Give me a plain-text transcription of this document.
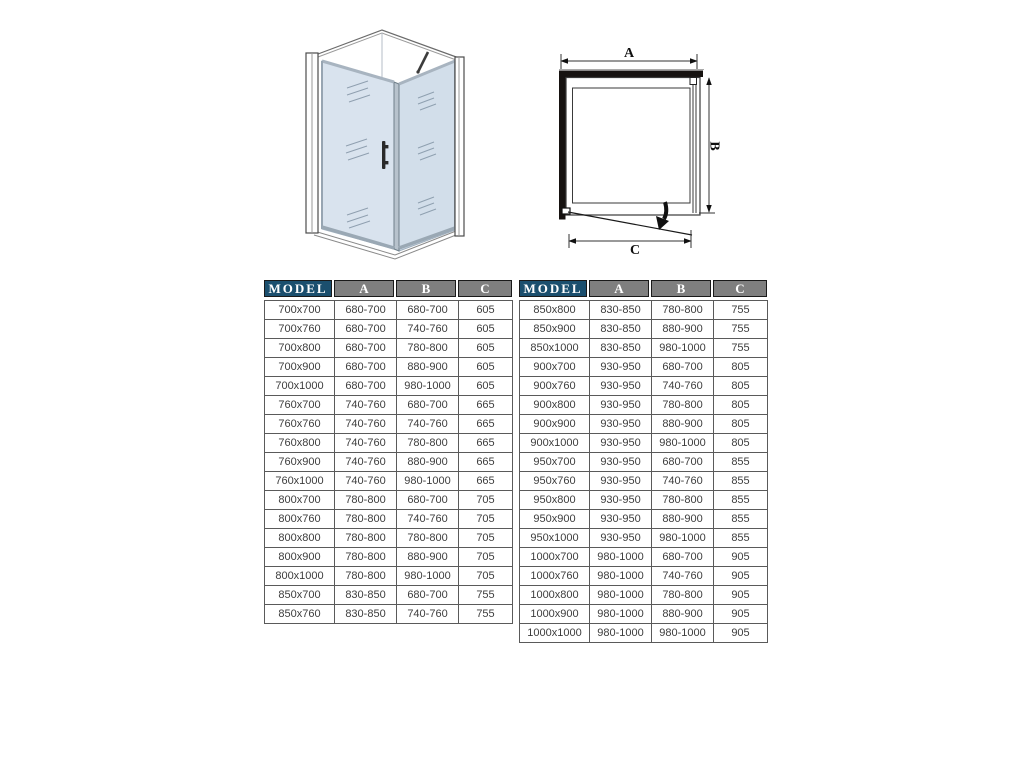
A
B
C
MODEL	A	B	C
700x700	680-700	680-700	605
700x760	680-700	740-760	605
700x800	680-700	780-800	605
700x900	680-700	880-900	605
700x1000	680-700	980-1000	605
760x700	740-760	680-700	665
760x760	740-760	740-760	665
760x800	740-760	780-800	665
760x900	740-760	880-900	665
760x1000	740-760	980-1000	665
800x700	780-800	680-700	705
800x760	780-800	740-760	705
800x800	780-800	780-800	705
800x900	780-800	880-900	705
800x1000	780-800	980-1000	705
850x700	830-850	680-700	755
850x760	830-850	740-760	755
MODEL	A	B	C
850x800	830-850	780-800	755
850x900	830-850	880-900	755
850x1000	830-850	980-1000	755
900x700	930-950	680-700	805
900x760	930-950	740-760	805
900x800	930-950	780-800	805
900x900	930-950	880-900	805
900x1000	930-950	980-1000	805
950x700	930-950	680-700	855
950x760	930-950	740-760	855
950x800	930-950	780-800	855
950x900	930-950	880-900	855
950x1000	930-950	980-1000	855
1000x700	980-1000	680-700	905
1000x760	980-1000	740-760	905
1000x800	980-1000	780-800	905
1000x900	980-1000	880-900	905
1000x1000	980-1000	980-1000	905
